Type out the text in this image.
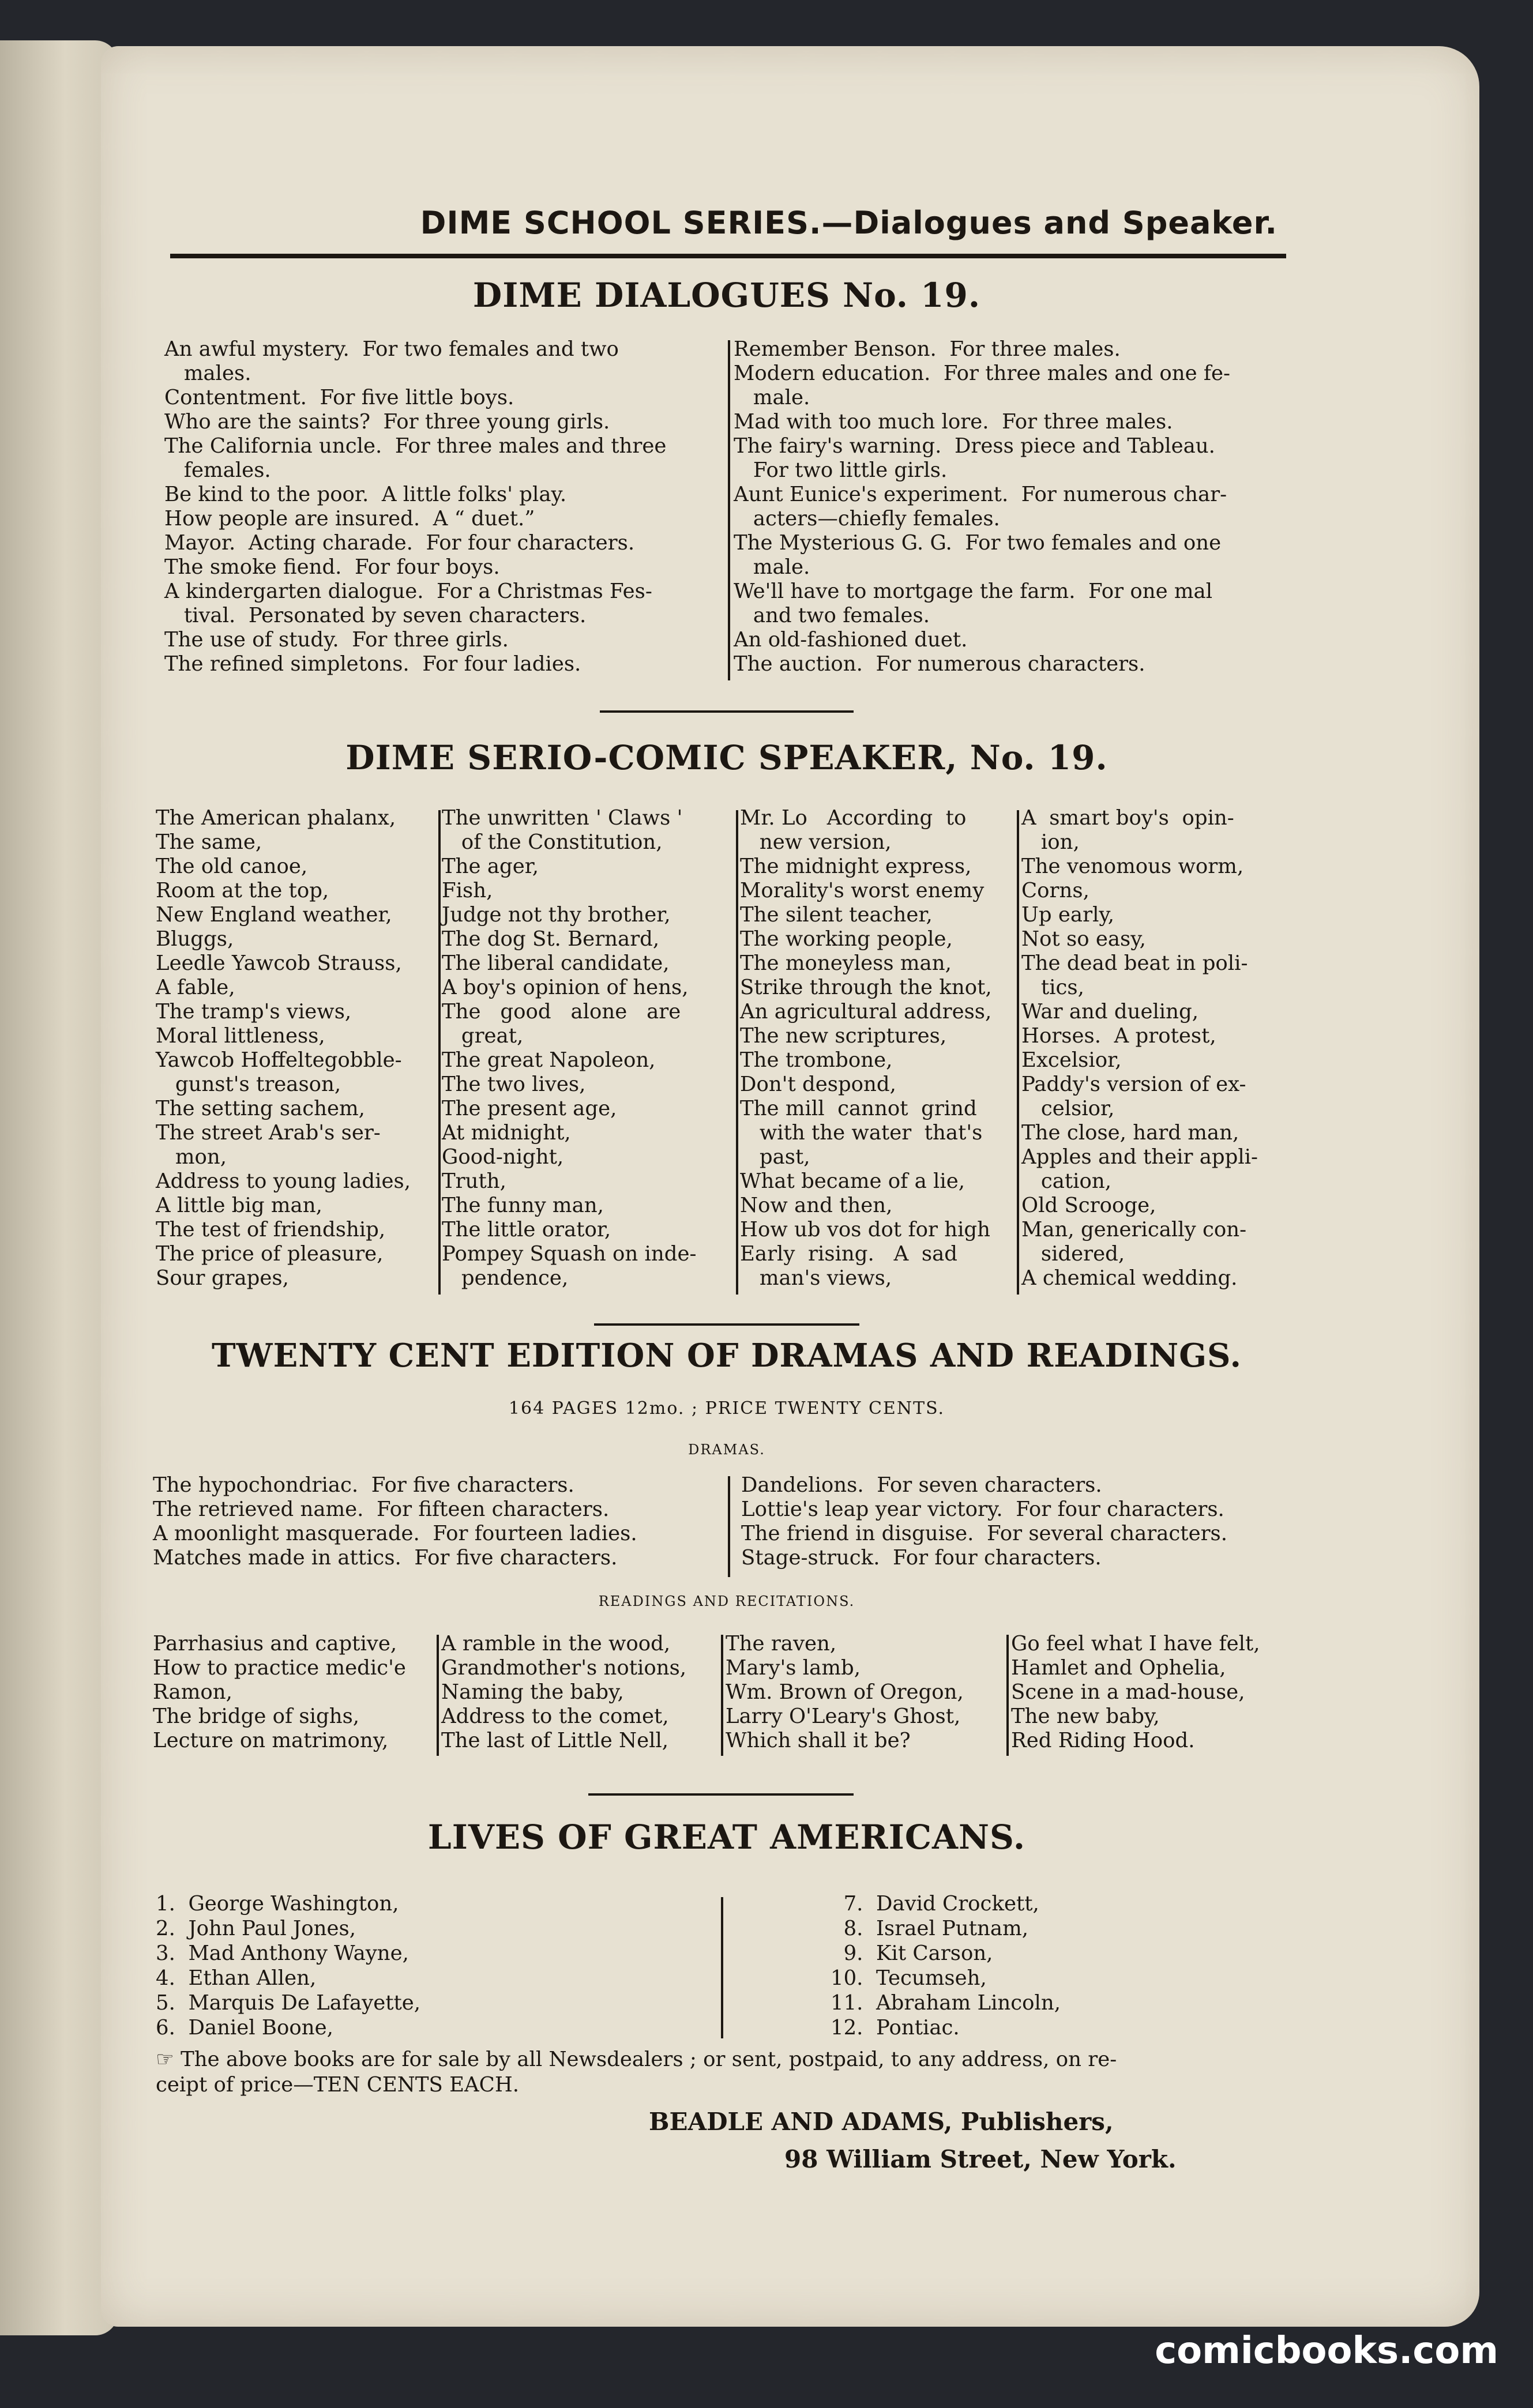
DIME SCHOOL SERIES.—Dialogues and Speaker.
DIME DIALOGUES No. 19.
An awful mystery.  For two females and two
males.
Contentment.  For five little boys.
Who are the saints?  For three young girls.
The California uncle.  For three males and three
females.
Be kind to the poor.  A little folks' play.
How people are insured.  A “ duet.”
Mayor.  Acting charade.  For four characters.
The smoke fiend.  For four boys.
A kindergarten dialogue.  For a Christmas Fes-
tival.  Personated by seven characters.
The use of study.  For three girls.
The refined simpletons.  For four ladies.
Remember Benson.  For three males.
Modern education.  For three males and one fe-
male.
Mad with too much lore.  For three males.
The fairy's warning.  Dress piece and Tableau.
For two little girls.
Aunt Eunice's experiment.  For numerous char-
acters—chiefly females.
The Mysterious G. G.  For two females and one
male.
We'll have to mortgage the farm.  For one mal
and two females.
An old-fashioned duet.
The auction.  For numerous characters.
DIME SERIO-COMIC SPEAKER, No. 19.
The American phalanx,
The same,
The old canoe,
Room at the top,
New England weather,
Bluggs,
Leedle Yawcob Strauss,
A fable,
The tramp's views,
Moral littleness,
Yawcob Hoffeltegobble-
gunst's treason,
The setting sachem,
The street Arab's ser-
mon,
Address to young ladies,
A little big man,
The test of friendship,
The price of pleasure,
Sour grapes,
The unwritten ' Claws '
of the Constitution,
The ager,
Fish,
Judge not thy brother,
The dog St. Bernard,
The liberal candidate,
A boy's opinion of hens,
The   good   alone   are
great,
The great Napoleon,
The two lives,
The present age,
At midnight,
Good-night,
Truth,
The funny man,
The little orator,
Pompey Squash on inde-
pendence,
Mr. Lo   According  to
new version,
The midnight express,
Morality's worst enemy
The silent teacher,
The working people,
The moneyless man,
Strike through the knot,
An agricultural address,
The new scriptures,
The trombone,
Don't despond,
The mill  cannot  grind
with the water  that's
past,
What became of a lie,
Now and then,
How ub vos dot for high
Early  rising.   A  sad
man's views,
A  smart boy's  opin-
ion,
The venomous worm,
Corns,
Up early,
Not so easy,
The dead beat in poli-
tics,
War and dueling,
Horses.  A protest,
Excelsior,
Paddy's version of ex-
celsior,
The close, hard man,
Apples and their appli-
cation,
Old Scrooge,
Man, generically con-
sidered,
A chemical wedding.
TWENTY CENT EDITION OF DRAMAS AND READINGS.
164 PAGES 12mo. ; PRICE TWENTY CENTS.
DRAMAS.
The hypochondriac.  For five characters.
The retrieved name.  For fifteen characters.
A moonlight masquerade.  For fourteen ladies.
Matches made in attics.  For five characters.
Dandelions.  For seven characters.
Lottie's leap year victory.  For four characters.
The friend in disguise.  For several characters.
Stage-struck.  For four characters.
READINGS AND RECITATIONS.
Parrhasius and captive,
How to practice medic'e
Ramon,
The bridge of sighs,
Lecture on matrimony,
A ramble in the wood,
Grandmother's notions,
Naming the baby,
Address to the comet,
The last of Little Nell,
The raven,
Mary's lamb,
Wm. Brown of Oregon,
Larry O'Leary's Ghost,
Which shall it be?
Go feel what I have felt,
Hamlet and Ophelia,
Scene in a mad-house,
The new baby,
Red Riding Hood.
LIVES OF GREAT AMERICANS.
1.  George Washington,
2.  John Paul Jones,
3.  Mad Anthony Wayne,
4.  Ethan Allen,
5.  Marquis De Lafayette,
6.  Daniel Boone,
7.  David Crockett,
8.  Israel Putnam,
9.  Kit Carson,
10.  Tecumseh,
11.  Abraham Lincoln,
12.  Pontiac.
☞ The above books are for sale by all Newsdealers ; or sent, postpaid, to any address, on re-
ceipt of price—TEN CENTS EACH.
BEADLE AND ADAMS, Publishers,
98 William Street, New York.
comicbooks.com
